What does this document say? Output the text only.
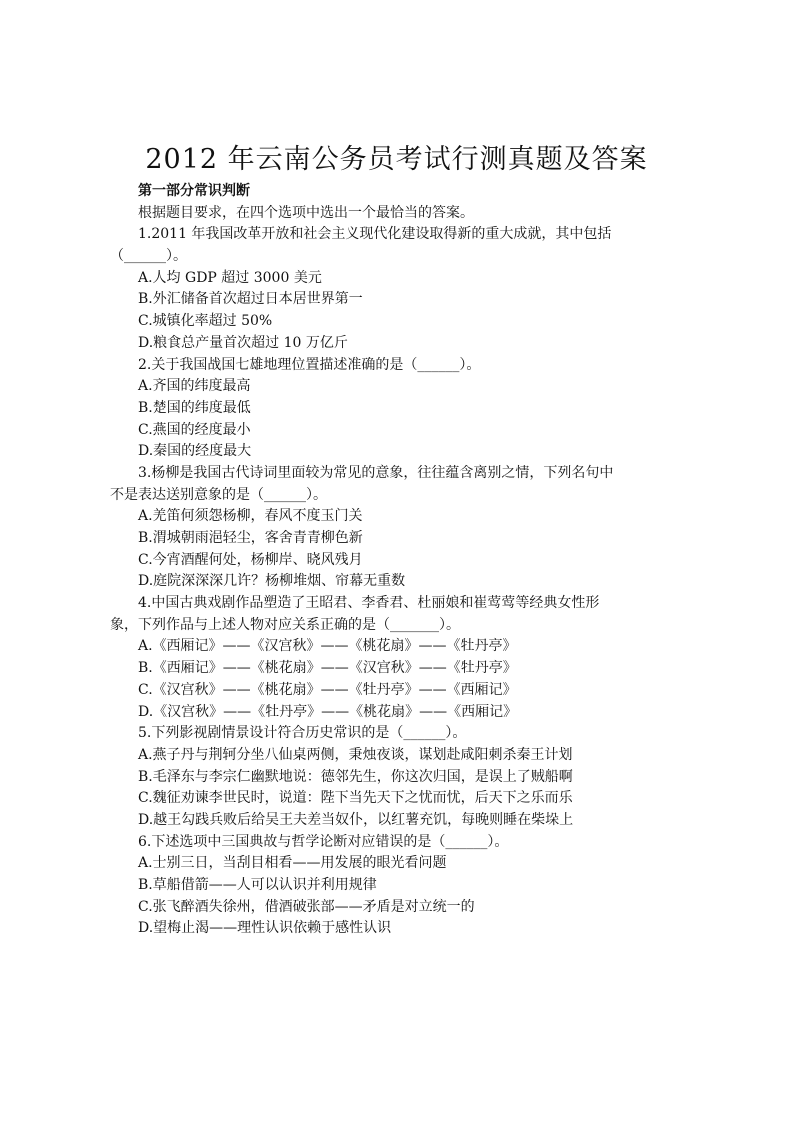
2012 年云南公务员考试行测真题及答案
第一部分常识判断
根据题目要求，在四个选项中选出一个最恰当的答案。
1.2011 年我国改革开放和社会主义现代化建设取得新的重大成就，其中包括
（______）。
A.人均 GDP 超过 3000 美元
B.外汇储备首次超过日本居世界第一
C.城镇化率超过 50%
D.粮食总产量首次超过 10 万亿斤
2.关于我国战国七雄地理位置描述准确的是（______）。
A.齐国的纬度最高
B.楚国的纬度最低
C.燕国的经度最小
D.秦国的经度最大
3.杨柳是我国古代诗词里面较为常见的意象，往往蕴含离别之情，下列名句中
不是表达送别意象的是（______）。
A.羌笛何须怨杨柳，春风不度玉门关
B.渭城朝雨浥轻尘，客舍青青柳色新
C.今宵酒醒何处，杨柳岸、晓风残月
D.庭院深深深几许？杨柳堆烟、帘幕无重数
4.中国古典戏剧作品塑造了王昭君、李香君、杜丽娘和崔莺莺等经典女性形
象，下列作品与上述人物对应关系正确的是（_______）。
A.《西厢记》——《汉宫秋》——《桃花扇》——《牡丹亭》
B.《西厢记》——《桃花扇》——《汉宫秋》——《牡丹亭》
C.《汉宫秋》——《桃花扇》——《牡丹亭》——《西厢记》
D.《汉宫秋》——《牡丹亭》——《桃花扇》——《西厢记》
5.下列影视剧情景设计符合历史常识的是（______）。
A.燕子丹与荆轲分坐八仙桌两侧，秉烛夜谈，谋划赴咸阳刺杀秦王计划
B.毛泽东与李宗仁幽默地说：德邻先生，你这次归国，是误上了贼船啊
C.魏征劝谏李世民时，说道：陛下当先天下之忧而忧，后天下之乐而乐
D.越王勾践兵败后给吴王夫差当奴仆，以红薯充饥，每晚则睡在柴垛上
6.下述选项中三国典故与哲学论断对应错误的是（______）。
A.士别三日，当刮目相看——用发展的眼光看问题
B.草船借箭——人可以认识并利用规律
C.张飞醉酒失徐州，借酒破张部——矛盾是对立统一的
D.望梅止渴——理性认识依赖于感性认识
